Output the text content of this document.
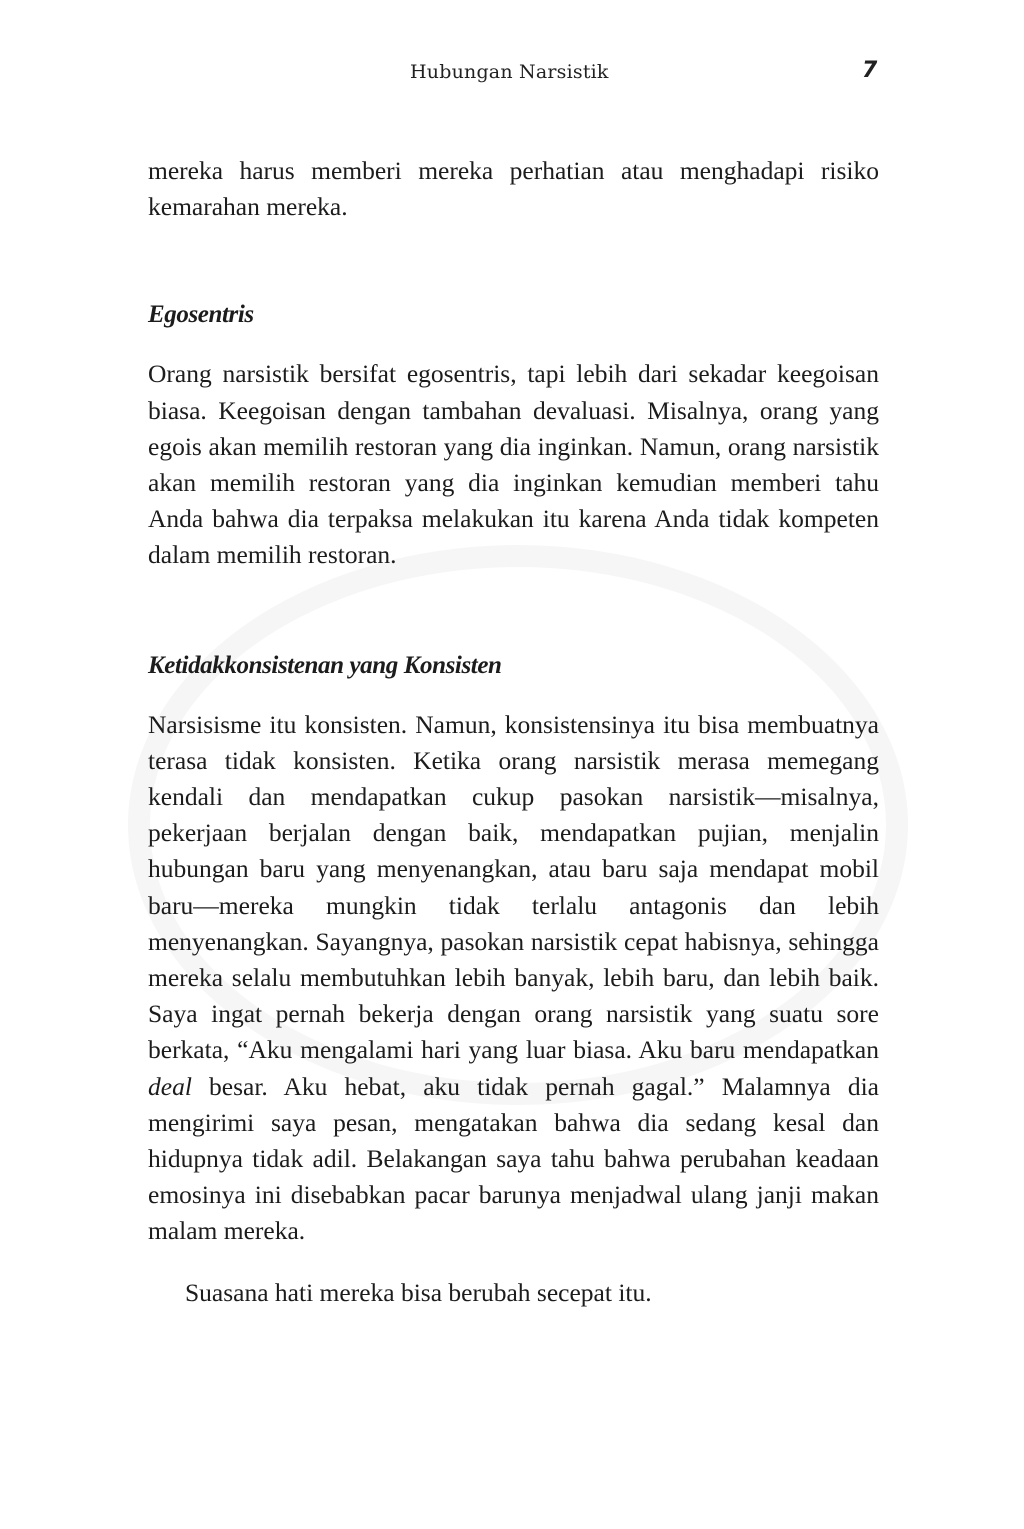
Hubungan Narsistik	7

mereka harus memberi mereka perhatian atau menghadapi risiko kemarahan mereka.

Egosentris

Orang narsistik bersifat egosentris, tapi lebih dari sekadar keegoisan biasa. Keegoisan dengan tambahan devaluasi. Misalnya, orang yang egois akan memilih restoran yang dia inginkan. Namun, orang narsistik akan memilih restoran yang dia inginkan kemudian memberi tahu Anda bahwa dia terpaksa melakukan itu karena Anda tidak kompeten dalam memilih restoran.

Ketidakkonsistenan yang Konsisten

Narsisisme itu konsisten. Namun, konsistensinya itu bisa membuatnya terasa tidak konsisten. Ketika orang narsistik merasa memegang kendali dan mendapatkan cukup pasokan narsistik—misalnya, pekerjaan berjalan dengan baik, mendapatkan pujian, menjalin hubungan baru yang menyenangkan, atau baru saja mendapat mobil baru—mereka mungkin tidak terlalu antagonis dan lebih menyenangkan. Sayangnya, pasokan narsistik cepat habisnya, sehingga mereka selalu membutuhkan lebih banyak, lebih baru, dan lebih baik. Saya ingat pernah bekerja dengan orang narsistik yang suatu sore berkata, “Aku mengalami hari yang luar biasa. Aku baru mendapatkan deal besar. Aku hebat, aku tidak pernah gagal.” Malamnya dia mengirimi saya pesan, mengatakan bahwa dia sedang kesal dan hidupnya tidak adil. Belakangan saya tahu bahwa perubahan keadaan emosinya ini disebabkan pacar barunya menjadwal ulang janji makan malam mereka.

Suasana hati mereka bisa berubah secepat itu.
